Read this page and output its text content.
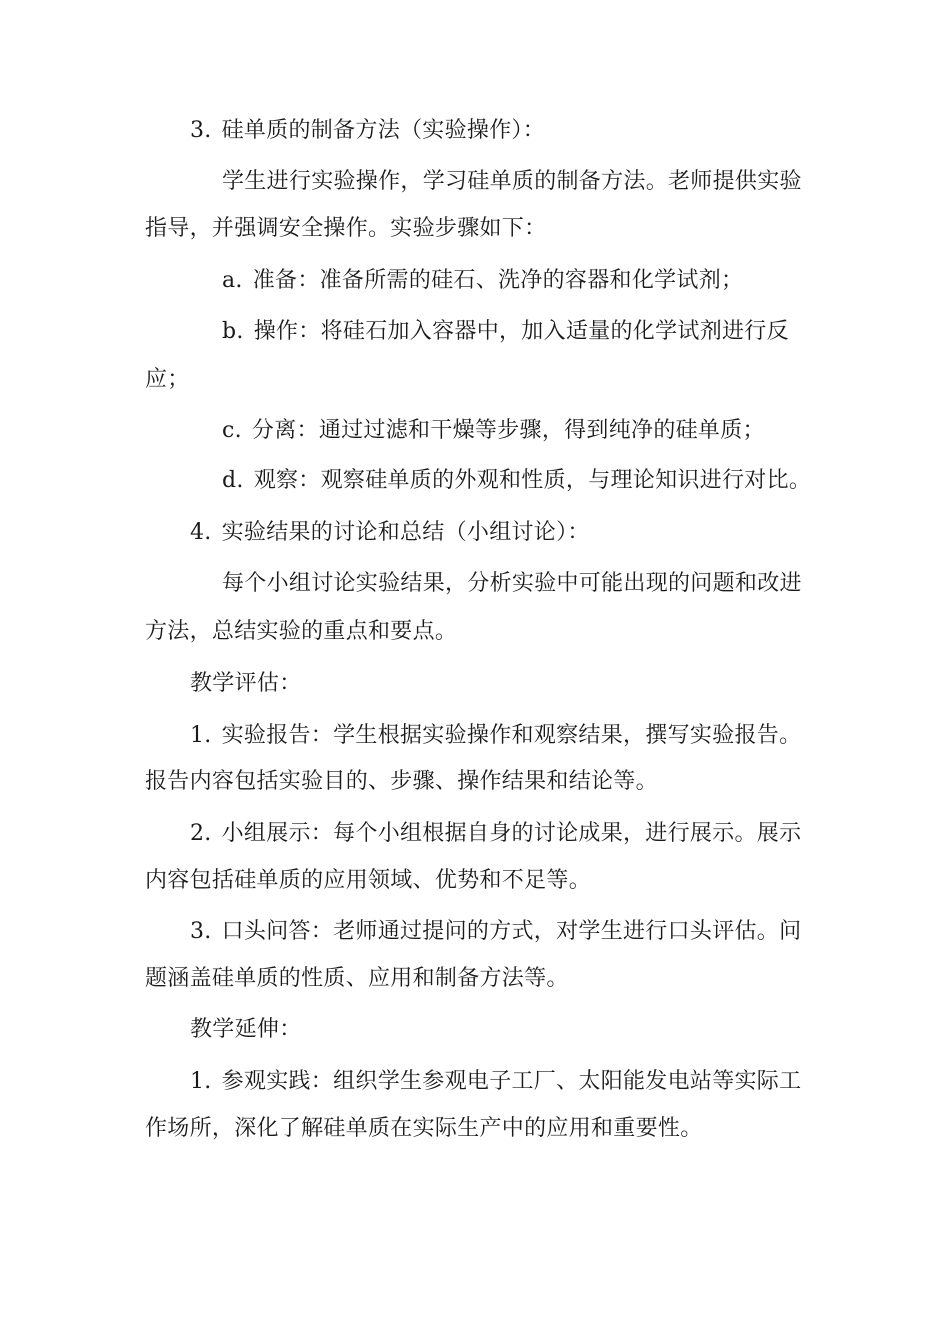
3. 硅单质的制备方法（实验操作）：
学生进行实验操作，学习硅单质的制备方法。老师提供实验
指导，并强调安全操作。实验步骤如下：
a. 准备：准备所需的硅石、洗净的容器和化学试剂；
b. 操作：将硅石加入容器中，加入适量的化学试剂进行反
应；
c. 分离：通过过滤和干燥等步骤，得到纯净的硅单质；
d. 观察：观察硅单质的外观和性质，与理论知识进行对比。
4. 实验结果的讨论和总结（小组讨论）：
每个小组讨论实验结果，分析实验中可能出现的问题和改进
方法，总结实验的重点和要点。
教学评估：
1. 实验报告：学生根据实验操作和观察结果，撰写实验报告。
报告内容包括实验目的、步骤、操作结果和结论等。
2. 小组展示：每个小组根据自身的讨论成果，进行展示。展示
内容包括硅单质的应用领域、优势和不足等。
3. 口头问答：老师通过提问的方式，对学生进行口头评估。问
题涵盖硅单质的性质、应用和制备方法等。
教学延伸：
1. 参观实践：组织学生参观电子工厂、太阳能发电站等实际工
作场所，深化了解硅单质在实际生产中的应用和重要性。
